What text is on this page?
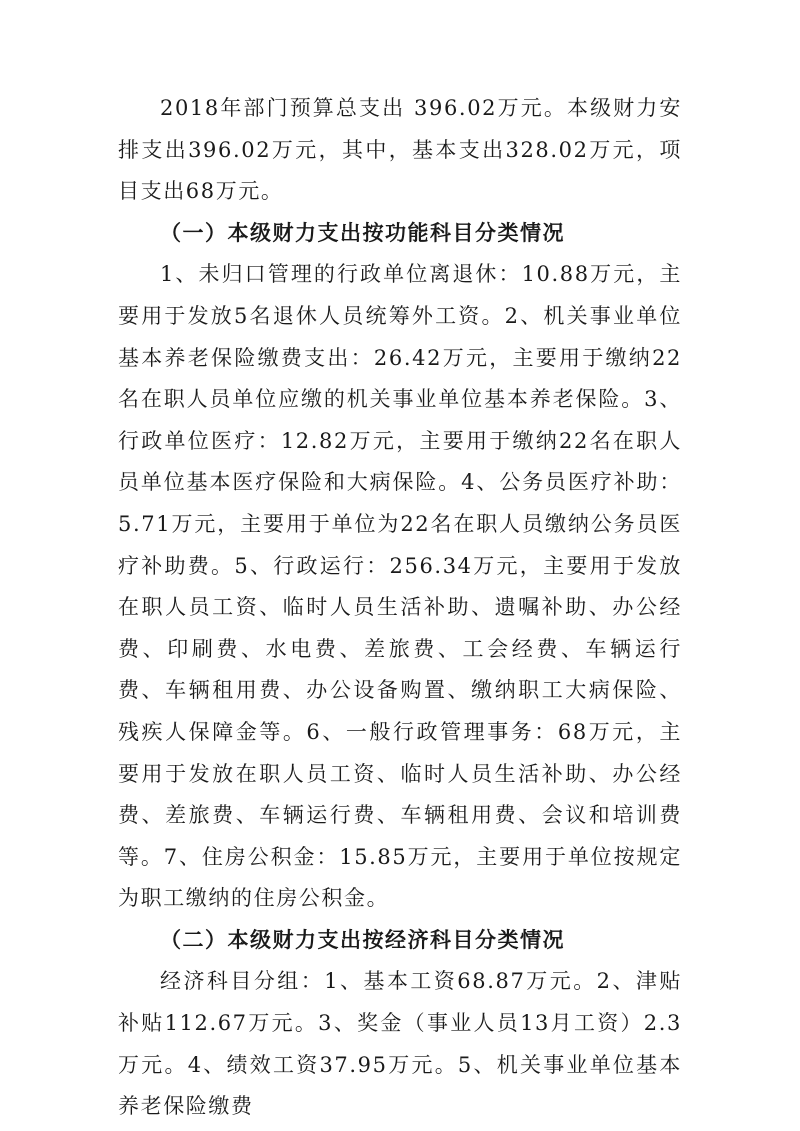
2018年部门预算总支出 396.02万元。本级财力安排支出396.02万元，其中，基本支出328.02万元，项目支出68万元。

（一）本级财力支出按功能科目分类情况

1、未归口管理的行政单位离退休：10.88万元，主要用于发放5名退休人员统筹外工资。2、机关事业单位基本养老保险缴费支出：26.42万元，主要用于缴纳22名在职人员单位应缴的机关事业单位基本养老保险。3、行政单位医疗：12.82万元，主要用于缴纳22名在职人员单位基本医疗保险和大病保险。4、公务员医疗补助：5.71万元，主要用于单位为22名在职人员缴纳公务员医疗补助费。5、行政运行：256.34万元，主要用于发放在职人员工资、临时人员生活补助、遗嘱补助、办公经费、印刷费、水电费、差旅费、工会经费、车辆运行费、车辆租用费、办公设备购置、缴纳职工大病保险、残疾人保障金等。6、一般行政管理事务：68万元，主要用于发放在职人员工资、临时人员生活补助、办公经费、差旅费、车辆运行费、车辆租用费、会议和培训费等。7、住房公积金：15.85万元，主要用于单位按规定为职工缴纳的住房公积金。

（二）本级财力支出按经济科目分类情况

经济科目分组：1、基本工资68.87万元。2、津贴补贴112.67万元。3、奖金（事业人员13月工资）2.3万元。4、绩效工资37.95万元。5、机关事业单位基本养老保险缴费
